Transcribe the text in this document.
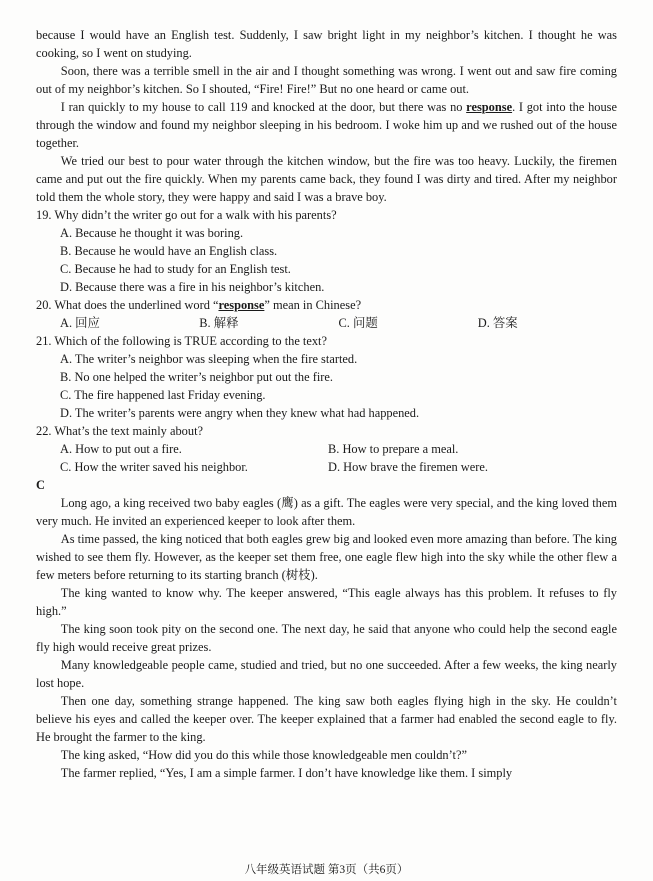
because I would have an English test. Suddenly, I saw bright light in my neighbor’s kitchen. I thought he was cooking, so I went on studying.

Soon, there was a terrible smell in the air and I thought something was wrong. I went out and saw fire coming out of my neighbor’s kitchen. So I shouted, “Fire! Fire!” But no one heard or came out.

I ran quickly to my house to call 119 and knocked at the door, but there was no response. I got into the house through the window and found my neighbor sleeping in his bedroom. I woke him up and we rushed out of the house together.

We tried our best to pour water through the kitchen window, but the fire was too heavy. Luckily, the firemen came and put out the fire quickly. When my parents came back, they found I was dirty and tired. After my neighbor told them the whole story, they were happy and said I was a brave boy.

19. Why didn’t the writer go out for a walk with his parents?

A. Because he thought it was boring.

B. Because he would have an English class.

C. Because he had to study for an English test.

D. Because there was a fire in his neighbor’s kitchen.

20. What does the underlined word “response” mean in Chinese?

A. 回应	B. 解释	C. 问题	D. 答案

21. Which of the following is TRUE according to the text?

A. The writer’s neighbor was sleeping when the fire started.

B. No one helped the writer’s neighbor put out the fire.

C. The fire happened last Friday evening.

D. The writer’s parents were angry when they knew what had happened.

22. What’s the text mainly about?

A. How to put out a fire.	B. How to prepare a meal.
C. How the writer saved his neighbor.	D. How brave the firemen were.

C

Long ago, a king received two baby eagles (鹰) as a gift. The eagles were very special, and the king loved them very much. He invited an experienced keeper to look after them.

As time passed, the king noticed that both eagles grew big and looked even more amazing than before. The king wished to see them fly. However, as the keeper set them free, one eagle flew high into the sky while the other flew a few meters before returning to its starting branch (树枝).

The king wanted to know why. The keeper answered, “This eagle always has this problem. It refuses to fly high.”

The king soon took pity on the second one. The next day, he said that anyone who could help the second eagle fly high would receive great prizes.

Many knowledgeable people came, studied and tried, but no one succeeded. After a few weeks, the king nearly lost hope.

Then one day, something strange happened. The king saw both eagles flying high in the sky. He couldn’t believe his eyes and called the keeper over. The keeper explained that a farmer had enabled the second eagle to fly. He brought the farmer to the king.

The king asked, “How did you do this while those knowledgeable men couldn’t?”

The farmer replied, “Yes, I am a simple farmer. I don’t have knowledge like them. I simply

八年级英语试题 第3页（共6页）
